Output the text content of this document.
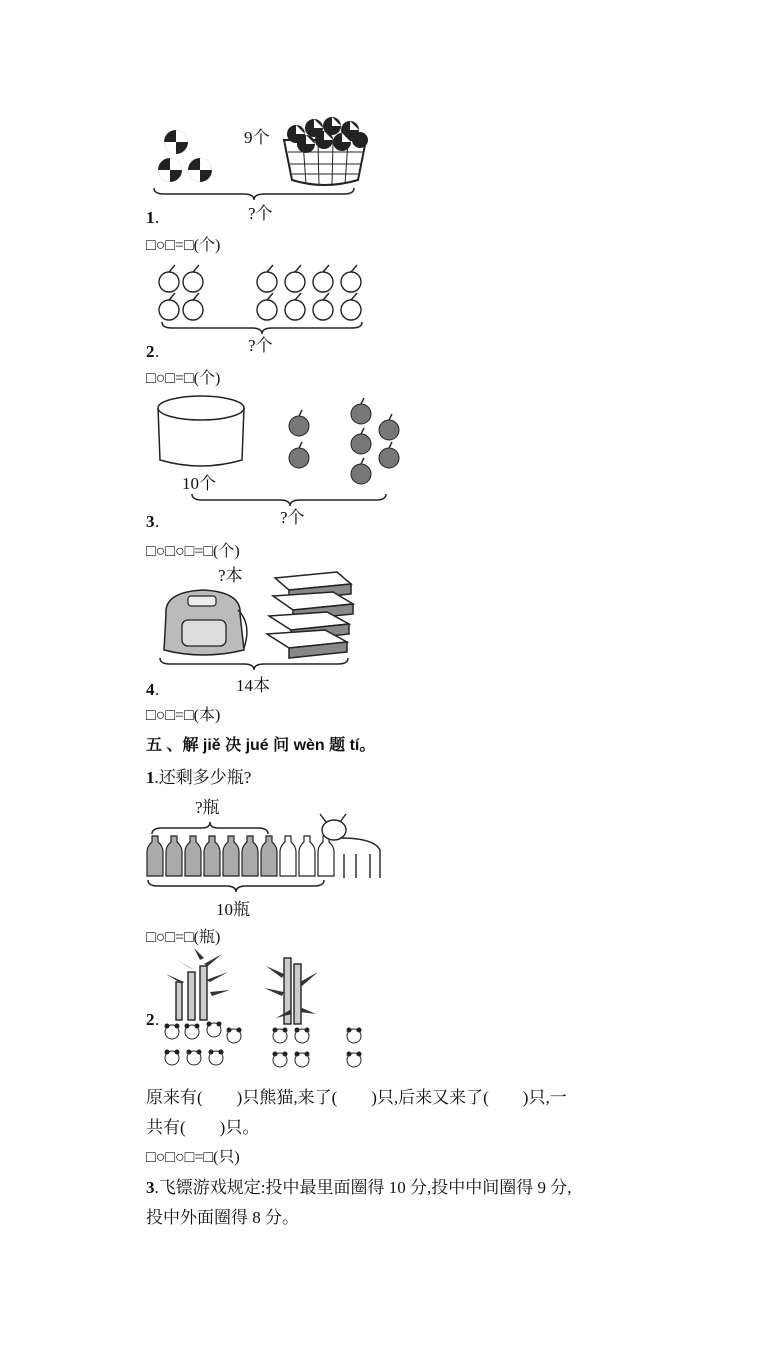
9个
1 .	?个
□○□=□(个)
2 .	?个
□○□=□(个)
10个
3 .	?个
□○□○□=□(个)
?本
4 .	14本
□○□=□(本)
五 、解 jiě 决 jué 问 wèn 题 tí。
1.还剩多少瓶?
?瓶
10瓶
□○□=□(瓶)
2 .
原来有(　　)只熊猫,来了(　　)只,后来又来了(　　)只,一
共有(　　)只。
□○□○□=□(只)
3.飞镖游戏规定:投中最里面圈得 10 分,投中中间圈得 9 分,
投中外面圈得 8 分。
